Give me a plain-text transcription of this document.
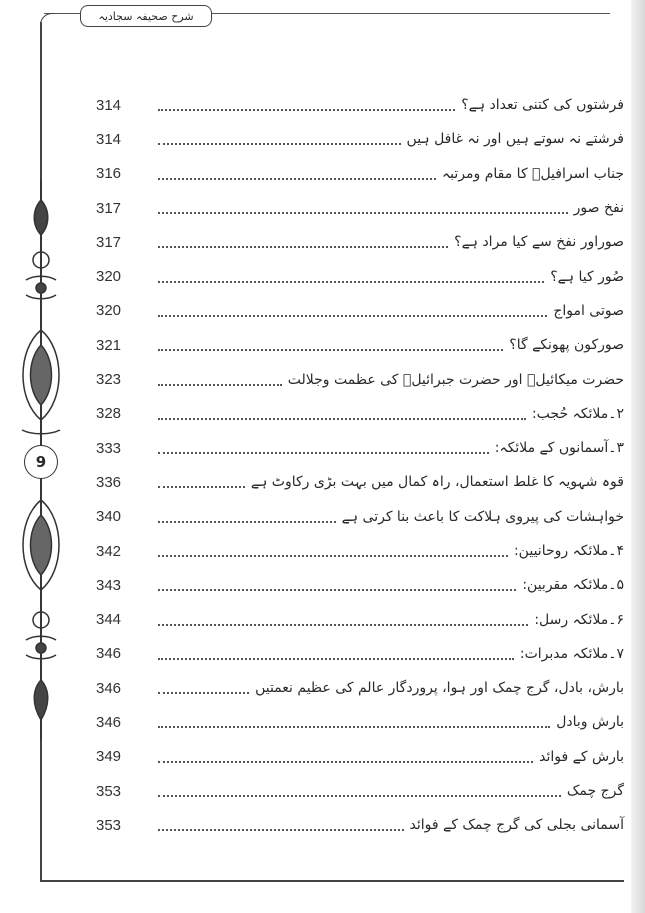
شرح صحیفہ سجادیہ
9
314	فرشتوں کی کتنی تعداد ہے؟
314	فرشتے نہ سوتے ہیں اور نہ غافل ہیں
316	جناب اسرافیلؑ کا مقام ومرتبہ
317	نفخ صور
317	صوراور نفخ سے کیا مراد ہے؟
320	صُور کیا ہے؟
320	صوتی امواج
321	صورکون پھونکے گا؟
323	حضرت میکائیلؑ اور حضرت جبرائیلؑ کی عظمت وجلالت
328	۲۔ملائکہ حُجب:
333	۳۔آسمانوں کے ملائکہ:
336	قوہ شہویہ کا غلط استعمال، راہ کمال میں بہت بڑی رکاوٹ ہے
340	خواہشات کی پیروی ہلاکت کا باعث بنا کرتی ہے
342	۴۔ملائکہ روحانیین:
343	۵۔ملائکہ مقربین:
344	۶۔ملائکہ رسل:
346	۷۔ملائکہ مدبرات:
346	بارش، بادل، گرج چمک اور ہوا، پروردگار عالم کی عظیم نعمتیں
346	بارش وبادل
349	بارش کے فوائد
353	گرج چمک
353	آسمانی بجلی کی گرج چمک کے فوائد
